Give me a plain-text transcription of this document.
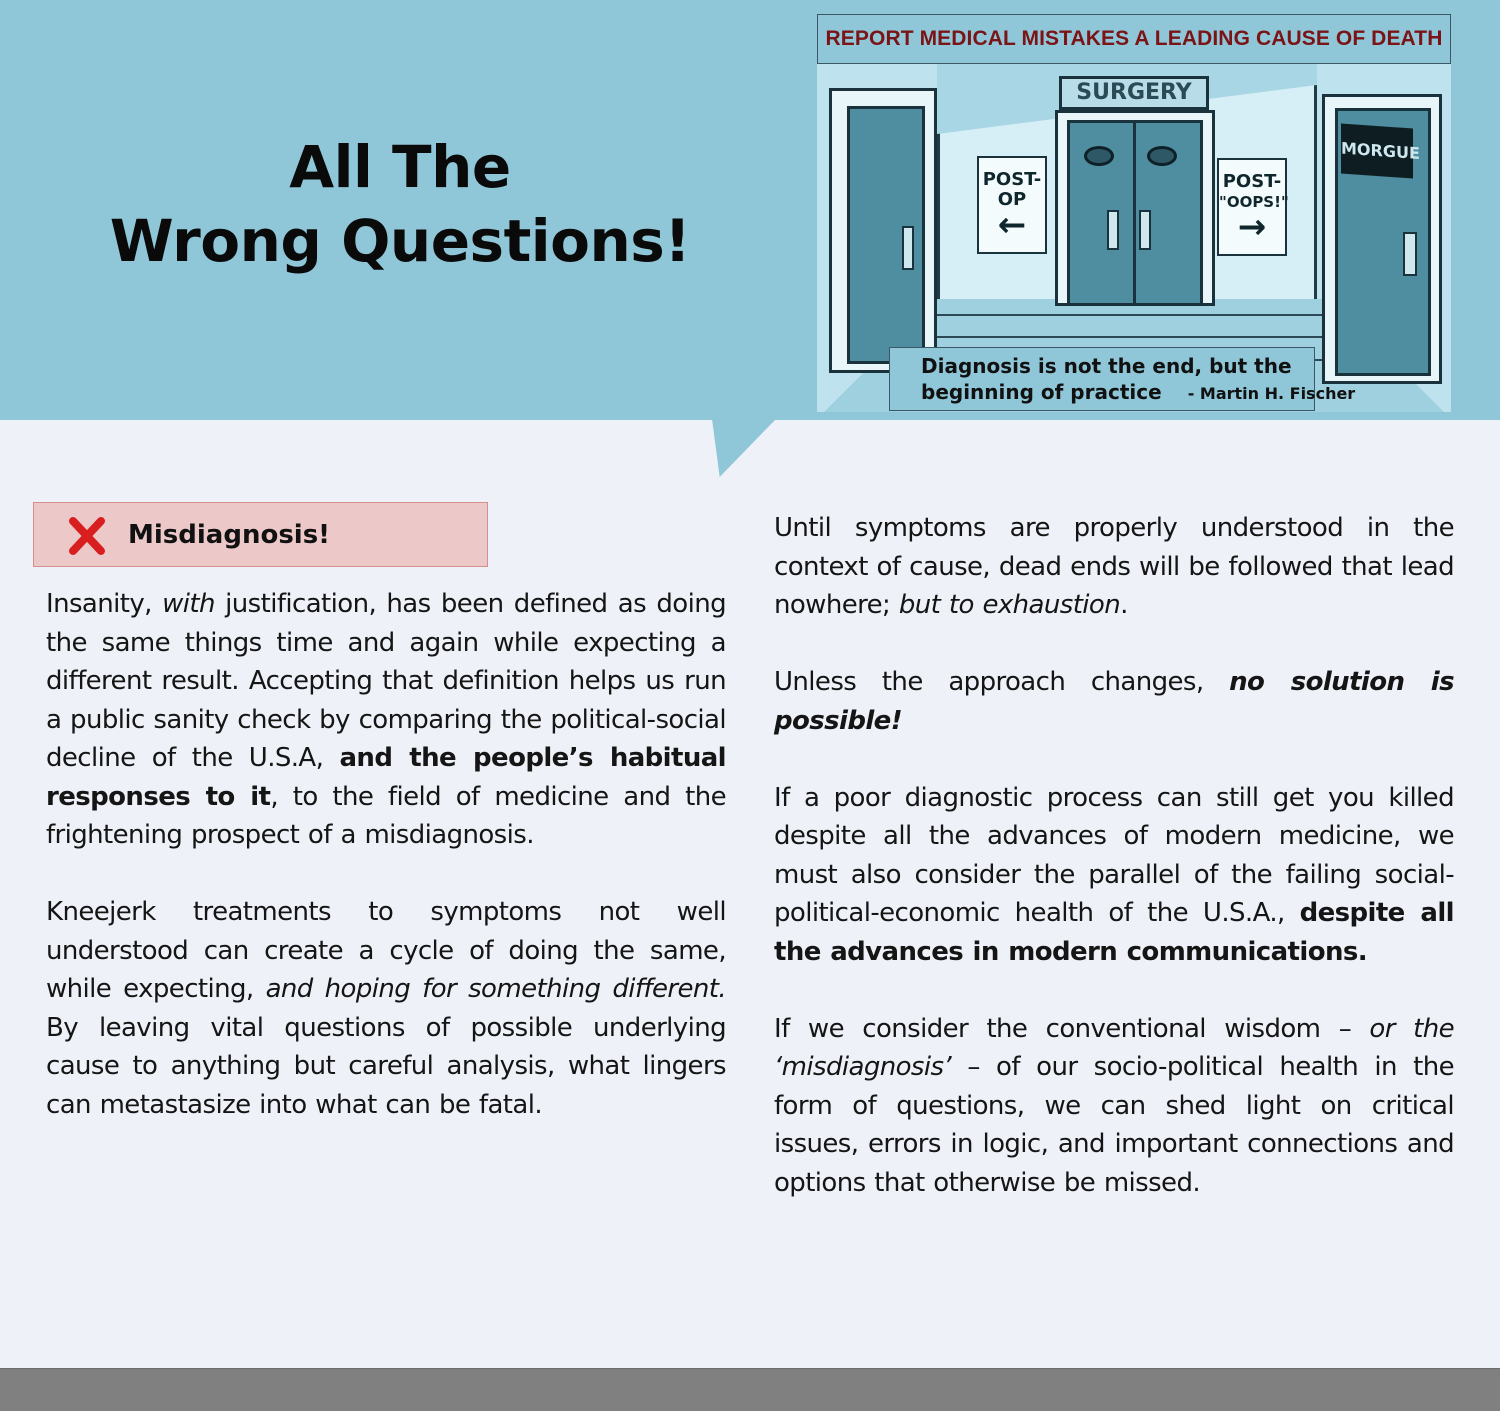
All The
Wrong Questions!
REPORT MEDICAL MISTAKES A LEADING CAUSE OF DEATH
SURGERY
POST-
OP
←
POST-
"OOPS!"
→
MORGUE
Diagnosis is not the end, but the
beginning of practice - Martin H. Fischer
Misdiagnosis!

Insanity, with justification, has been defined as doing the same things time and again while expecting a different result. Accepting that definition helps us run a public sanity check by comparing the political-social decline of the U.S.A, and the people’s habitual responses to it, to the field of medicine and the frightening prospect of a misdiagnosis.

Kneejerk treatments to symptoms not well understood can create a cycle of doing the same, while expecting, and hoping for something different. By leaving vital questions of possible underlying cause to anything but careful analysis, what lingers can metastasize into what can be fatal.

Until symptoms are properly understood in the context of cause, dead ends will be followed that lead nowhere; but to exhaustion.

Unless the approach changes, no solution is possible!

If a poor diagnostic process can still get you killed despite all the advances of modern medicine, we must also consider the parallel of the failing social-political-economic health of the U.S.A., despite all the advances in modern communications.

If we consider the conventional wisdom – or the ‘misdiagnosis’ – of our socio-political health in the form of questions, we can shed light on critical issues, errors in logic, and important connections and options that otherwise be missed.
